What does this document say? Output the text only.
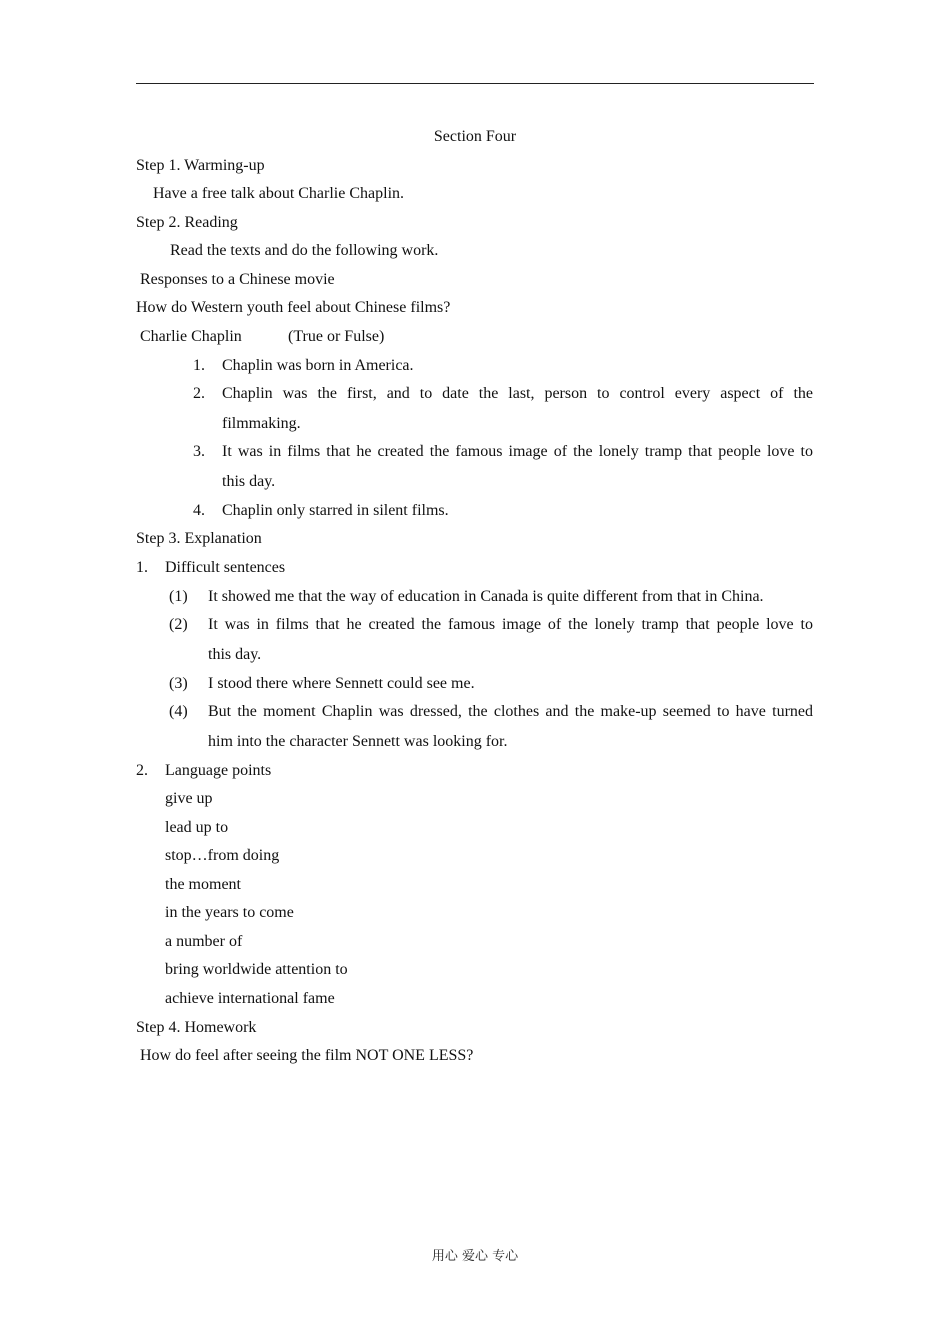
Section Four
Step 1. Warming-up
Have a free talk about Charlie Chaplin.
Step 2. Reading
Read the texts and do the following work.
Responses to a Chinese movie
How do Western youth feel about Chinese films?
Charlie Chaplin	(True or Fulse)
1. Chaplin was born in America.
2. Chaplin was the first, and to date the last, person to control every aspect of the
filmmaking.
3. It was in films that he created the famous image of the lonely tramp that people love to
this day.
4. Chaplin only starred in silent films.
Step 3. Explanation
1. Difficult sentences
(1) It showed me that the way of education in Canada is quite different from that in China.
(2) It was in films that he created the famous image of the lonely tramp that people love to
this day.
(3) I stood there where Sennett could see me.
(4) But the moment Chaplin was dressed, the clothes and the make-up seemed to have turned
him into the character Sennett was looking for.
2. Language points
give up
lead up to
stop…from doing
the moment
in the years to come
a number of
bring worldwide attention to
achieve international fame
Step 4. Homework
How do feel after seeing the film NOT ONE LESS?
用心 爱心 专心
